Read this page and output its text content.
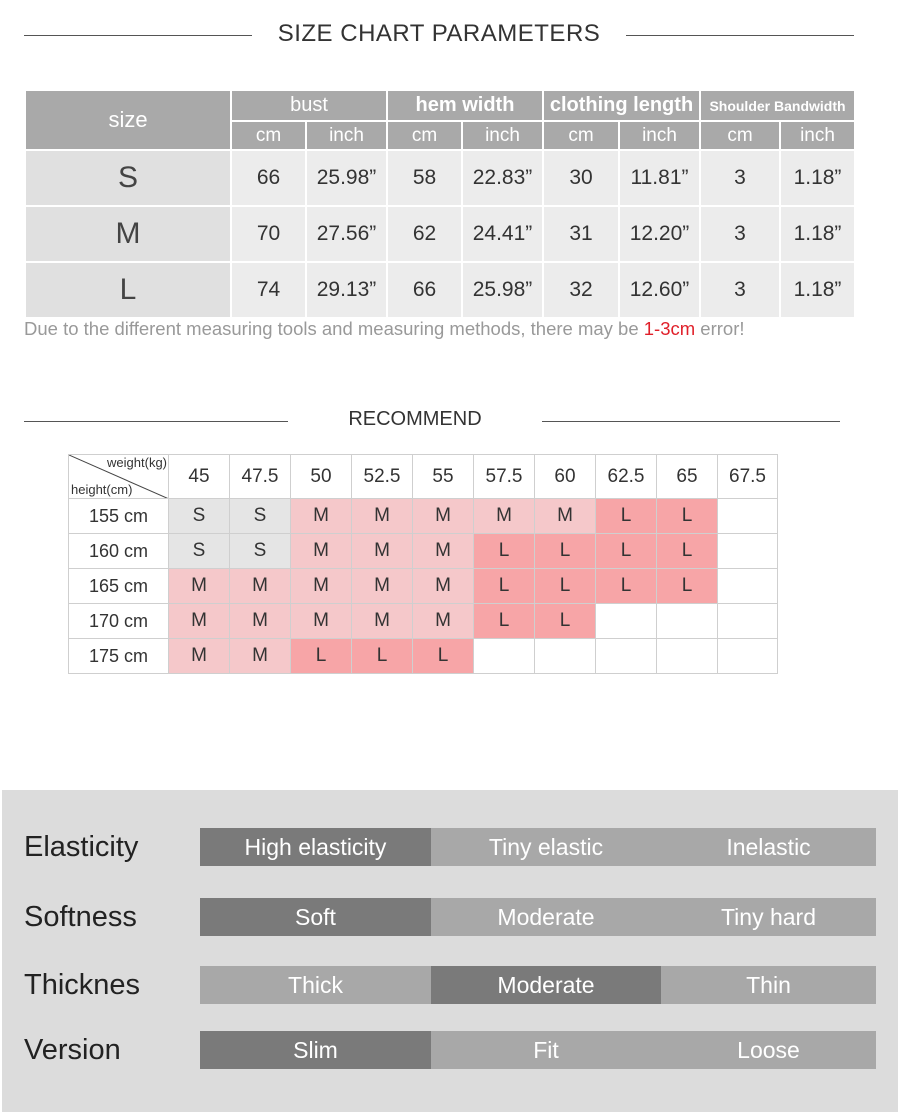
SIZE CHART PARAMETERS
size	bust		hem width		clothing length		Shoulder Bandwidth	
	cm	inch	cm	inch	cm	inch	cm	inch
S	66	25.98”	58	22.83”	30	11.81”	3	1.18”
M	70	27.56”	62	24.41”	31	12.20”	3	1.18”
L	74	29.13”	66	25.98”	32	12.60”	3	1.18”
Due to the different measuring tools and measuring methods, there may be 1-3cm error!
RECOMMEND
weight(kg)
height(cm)	45	47.5	50	52.5	55	57.5	60	62.5	65	67.5
155 cm	S	S	M	M	M	M	M	L	L	
160 cm	S	S	M	M	M	L	L	L	L	
165 cm	M	M	M	M	M	L	L	L	L	
170 cm	M	M	M	M	M	L	L			
175 cm	M	M	L	L	L					
Elasticity	High elasticity	Tiny elastic	Inelastic
Softness	Soft	Moderate	Tiny hard
Thicknes	Thick	Moderate	Thin
Version	Slim	Fit	Loose
